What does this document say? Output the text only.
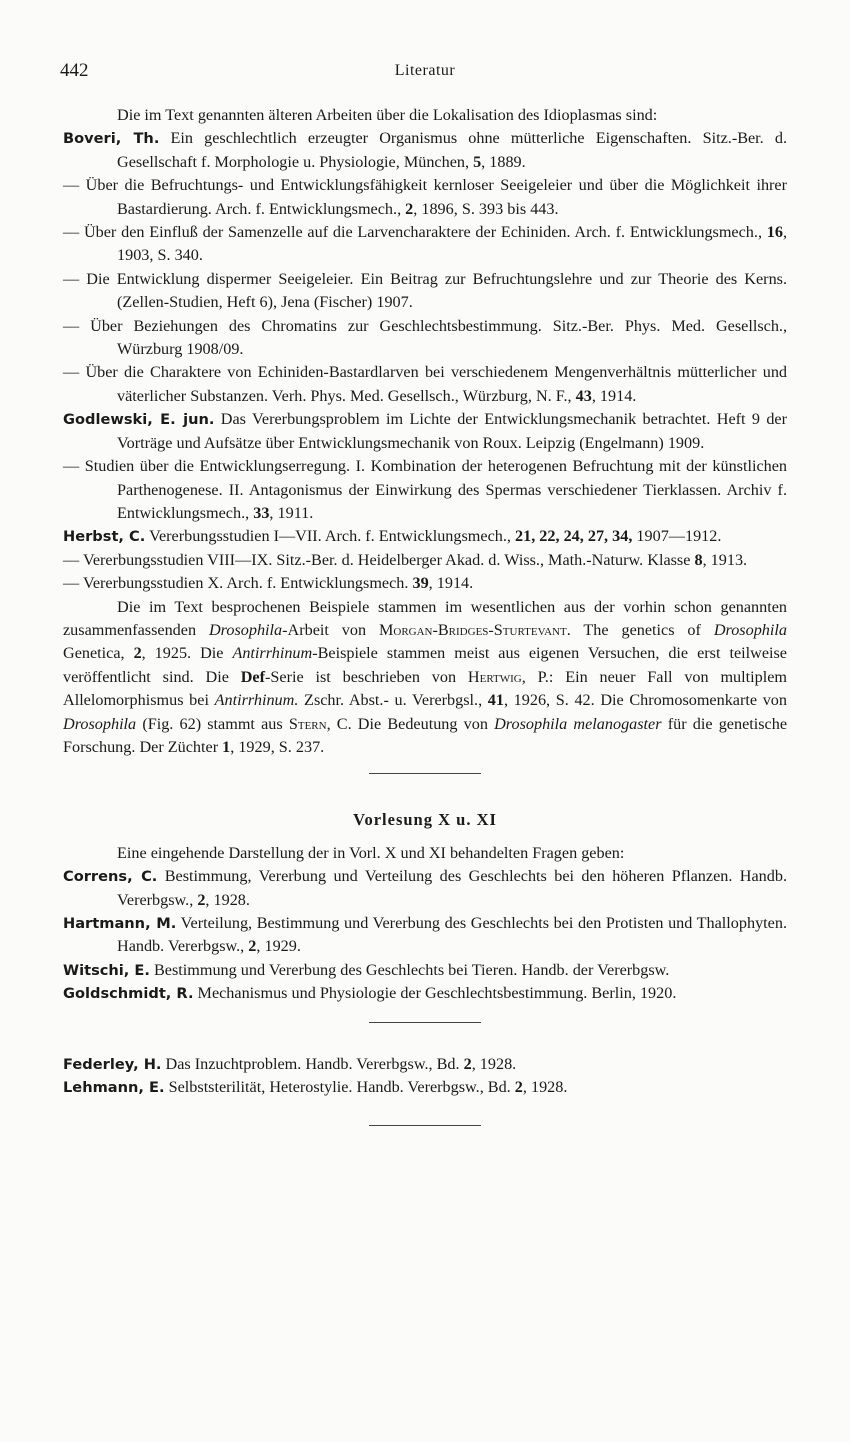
442	Literatur

Die im Text genannten älteren Arbeiten über die Lokalisation des Idioplasmas sind:

Boveri, Th. Ein geschlechtlich erzeugter Organismus ohne mütterliche Eigenschaften. Sitz.-Ber. d. Gesellschaft f. Morphologie u. Physiologie, München, 5, 1889.

— Über die Befruchtungs- und Entwicklungsfähigkeit kernloser Seeigeleier und über die Möglichkeit ihrer Bastardierung. Arch. f. Entwicklungsmech., 2, 1896, S. 393 bis 443.

— Über den Einfluß der Samenzelle auf die Larvencharaktere der Echiniden. Arch. f. Entwicklungsmech., 16, 1903, S. 340.

— Die Entwicklung dispermer Seeigeleier. Ein Beitrag zur Befruchtungslehre und zur Theorie des Kerns. (Zellen-Studien, Heft 6), Jena (Fischer) 1907.

— Über Beziehungen des Chromatins zur Geschlechtsbestimmung. Sitz.-Ber. Phys. Med. Gesellsch., Würzburg 1908/09.

— Über die Charaktere von Echiniden-Bastardlarven bei verschiedenem Mengenverhältnis mütterlicher und väterlicher Substanzen. Verh. Phys. Med. Gesellsch., Würzburg, N. F., 43, 1914.

Godlewski, E. jun. Das Vererbungsproblem im Lichte der Entwicklungsmechanik betrachtet. Heft 9 der Vorträge und Aufsätze über Entwicklungsmechanik von Roux. Leipzig (Engelmann) 1909.

— Studien über die Entwicklungserregung. I. Kombination der heterogenen Befruchtung mit der künstlichen Parthenogenese. II. Antagonismus der Einwirkung des Spermas verschiedener Tierklassen. Archiv f. Entwicklungsmech., 33, 1911.

Herbst, C. Vererbungsstudien I—VII. Arch. f. Entwicklungsmech., 21, 22, 24, 27, 34, 1907—1912.

— Vererbungsstudien VIII—IX. Sitz.-Ber. d. Heidelberger Akad. d. Wiss., Math.-Naturw. Klasse 8, 1913.

— Vererbungsstudien X. Arch. f. Entwicklungsmech. 39, 1914.

Die im Text besprochenen Beispiele stammen im wesentlichen aus der vorhin schon genannten zusammenfassenden Drosophila-Arbeit von Morgan-Bridges-Sturtevant. The genetics of Drosophila Genetica, 2, 1925. Die Antirrhinum-Beispiele stammen meist aus eigenen Versuchen, die erst teilweise veröffentlicht sind. Die Def-Serie ist beschrieben von Hertwig, P.: Ein neuer Fall von multiplem Allelomorphismus bei Antirrhinum. Zschr. Abst.- u. Vererbgsl., 41, 1926, S. 42. Die Chromosomenkarte von Drosophila (Fig. 62) stammt aus Stern, C. Die Bedeutung von Drosophila melanogaster für die genetische Forschung. Der Züchter 1, 1929, S. 237.

Vorlesung X u. XI

Eine eingehende Darstellung der in Vorl. X und XI behandelten Fragen geben:

Correns, C. Bestimmung, Vererbung und Verteilung des Geschlechts bei den höheren Pflanzen. Handb. Vererbgsw., 2, 1928.

Hartmann, M. Verteilung, Bestimmung und Vererbung des Geschlechts bei den Protisten und Thallophyten. Handb. Vererbgsw., 2, 1929.

Witschi, E. Bestimmung und Vererbung des Geschlechts bei Tieren. Handb. der Vererbgsw.

Goldschmidt, R. Mechanismus und Physiologie der Geschlechtsbestimmung. Berlin, 1920.

Federley, H. Das Inzuchtproblem. Handb. Vererbgsw., Bd. 2, 1928.

Lehmann, E. Selbststerilität, Heterostylie. Handb. Vererbgsw., Bd. 2, 1928.
